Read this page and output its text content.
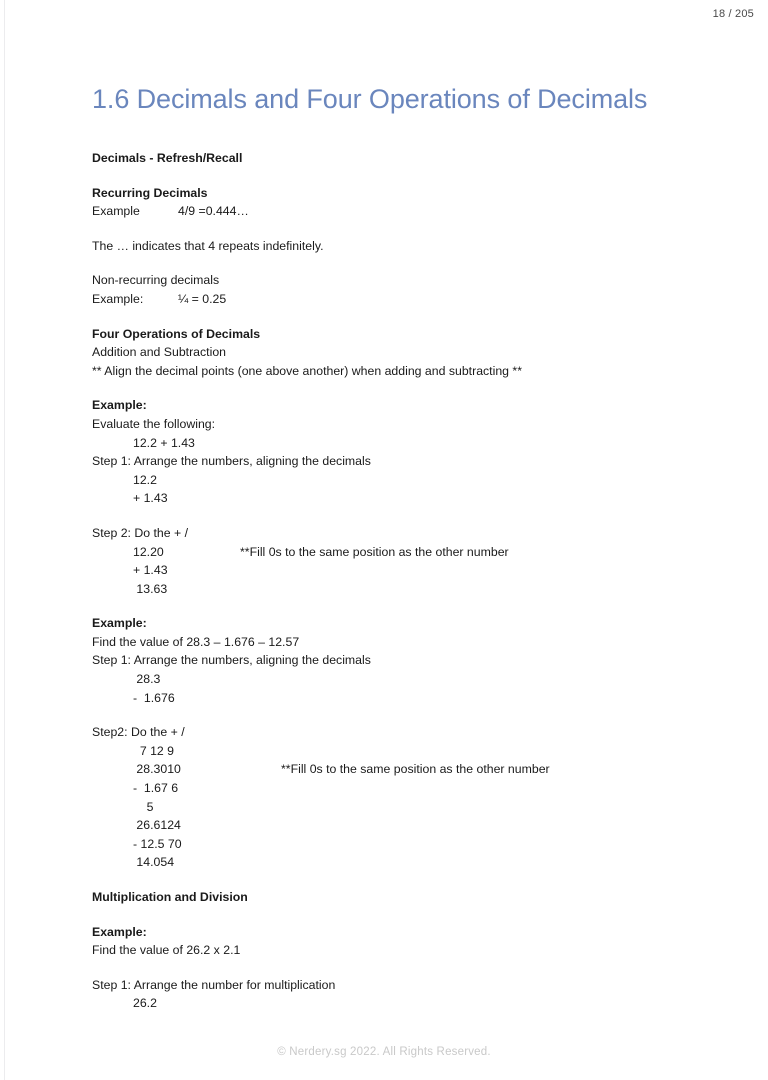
18 / 205
1.6 Decimals and Four Operations of Decimals
Decimals - Refresh/Recall
Recurring Decimals
Example	4/9 =0.444…
The … indicates that 4 repeats indefinitely.
Non-recurring decimals
Example:	¼ = 0.25
Four Operations of Decimals
Addition and Subtraction
** Align the decimal points (one above another) when adding and subtracting **
Example:
Evaluate the following:
12.2 + 1.43
Step 1: Arrange the numbers, aligning the decimals
12.2
+ 1.43
Step 2: Do the + /
12.20	**Fill 0s to the same position as the other number
+ 1.43
13.63
Example:
Find the value of 28.3 – 1.676 – 12.57
Step 1: Arrange the numbers, aligning the decimals
28.3
-  1.676
Step2: Do the + /
7 12 9
28.3010	**Fill 0s to the same position as the other number
-  1.67 6
5
26.6124
- 12.5 70
14.054
Multiplication and Division
Example:
Find the value of 26.2 x 2.1
Step 1: Arrange the number for multiplication
26.2
© Nerdery.sg 2022. All Rights Reserved.
